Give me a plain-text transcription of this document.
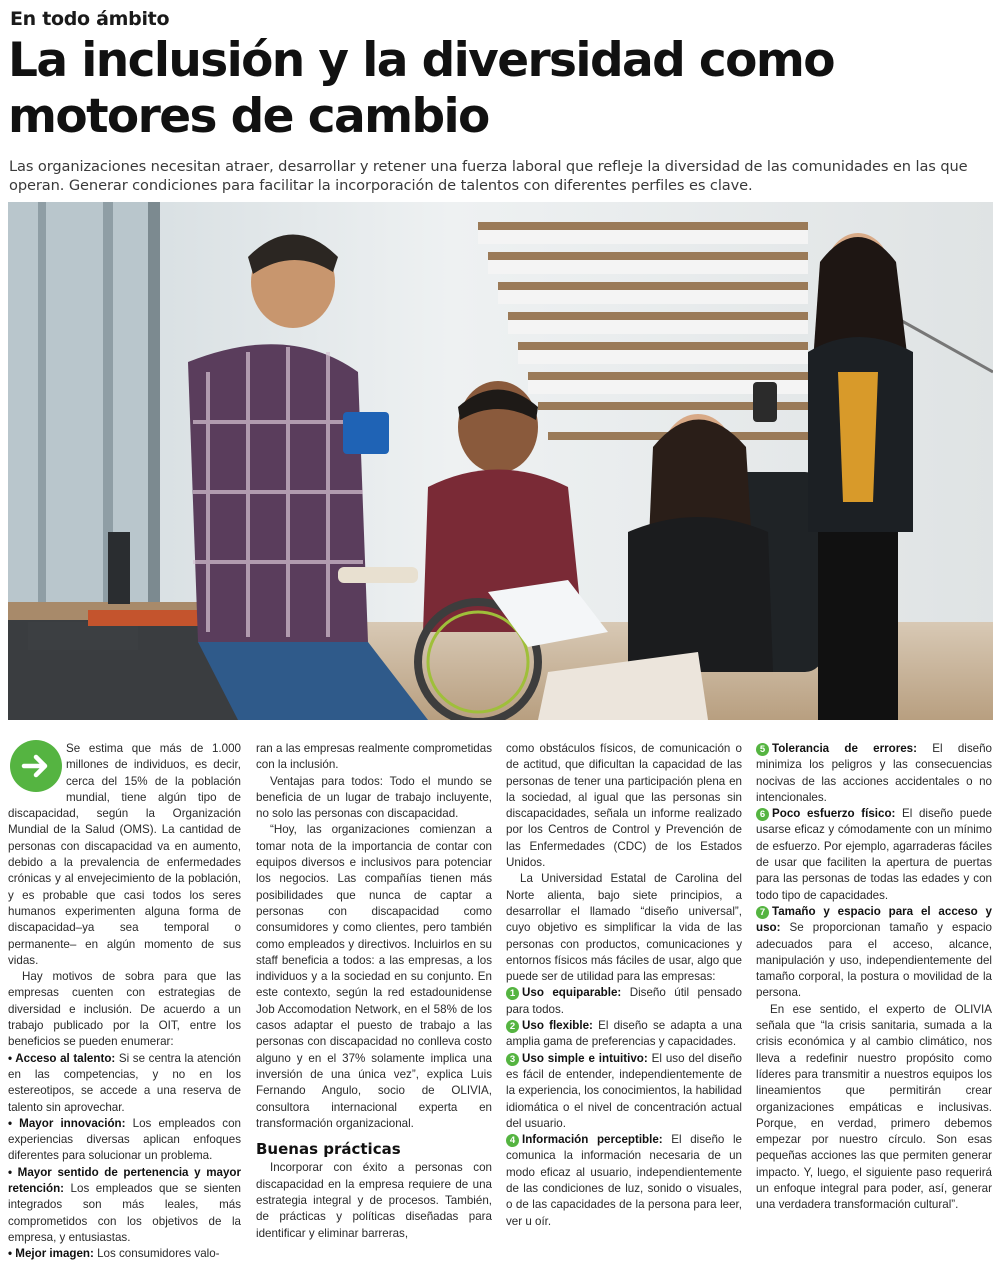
En todo ámbito
La inclusión y la diversidad como
motores de cambio
Las organizaciones necesitan atraer, desarrollar y retener una fuerza laboral que refleje la diversidad de las comunidades en las que operan. Generar condiciones para facilitar la incorporación de talentos con diferentes perfiles es clave.

Se estima que más de 1.000 millones de individuos, es decir, cerca del 15% de la población mundial, tiene algún tipo de discapacidad, según la Organización Mundial de la Salud (OMS). La cantidad de personas con discapacidad va en aumento, debido a la prevalencia de enfermedades crónicas y al envejecimiento de la población, y es probable que casi todos los seres humanos experimenten alguna forma de discapacidad–ya sea temporal o permanente– en algún momento de sus vidas.

Hay motivos de sobra para que las empresas cuenten con estrategias de diversidad e inclusión. De acuerdo a un trabajo publicado por la OIT, entre los beneficios se pueden enumerar:

• Acceso al talento: Si se centra la atención en las competencias, y no en los estereotipos, se accede a una reserva de talento sin aprovechar.

• Mayor innovación: Los empleados con experiencias diversas aplican enfoques diferentes para solucionar un problema.

• Mayor sentido de pertenencia y mayor retención: Los empleados que se sienten integrados son más leales, más comprometidos con los objetivos de la empresa, y entusiastas.

• Mejor imagen: Los consumidores valo-

ran a las empresas realmente comprometidas con la inclusión.

Ventajas para todos: Todo el mundo se beneficia de un lugar de trabajo incluyente, no solo las personas con discapacidad.

“Hoy, las organizaciones comienzan a tomar nota de la importancia de contar con equipos diversos e inclusivos para potenciar los negocios. Las compañías tienen más posibilidades que nunca de captar a personas con discapacidad como consumidores y como clientes, pero también como empleados y directivos. Incluirlos en su staff beneficia a todos: a las empresas, a los individuos y a la sociedad en su conjunto. En este contexto, según la red estadounidense Job Accomodation Network, en el 58% de los casos adaptar el puesto de trabajo a las personas con discapacidad no conlleva costo alguno y en el 37% solamente implica una inversión de una única vez”, explica Luis Fernando Angulo, socio de OLIVIA, consultora internacional experta en transformación organizacional.

Buenas prácticas

Incorporar con éxito a personas con discapacidad en la empresa requiere de una estrategia integral y de procesos. También, de prácticas y políticas diseñadas para identificar y eliminar barreras,

como obstáculos físicos, de comunicación o de actitud, que dificultan la capacidad de las personas de tener una participación plena en la sociedad, al igual que las personas sin discapacidades, señala un informe realizado por los Centros de Control y Prevención de las Enfermedades (CDC) de los Estados Unidos.

La Universidad Estatal de Carolina del Norte alienta, bajo siete principios, a desarrollar el llamado “diseño universal”, cuyo objetivo es simplificar la vida de las personas con productos, comunicaciones y entornos físicos más fáciles de usar, algo que puede ser de utilidad para las empresas:

1 Uso equiparable: Diseño útil pensado para todos.

2 Uso flexible: El diseño se adapta a una amplia gama de preferencias y capacidades.

3 Uso simple e intuitivo: El uso del diseño es fácil de entender, independientemente de la experiencia, los conocimientos, la habilidad idiomática o el nivel de concentración actual del usuario.

4 Información perceptible: El diseño le comunica la información necesaria de un modo eficaz al usuario, independientemente de las condiciones de luz, sonido o visuales, o de las capacidades de la persona para leer, ver u oír.

5 Tolerancia de errores: El diseño minimiza los peligros y las consecuencias nocivas de las acciones accidentales o no intencionales.

6 Poco esfuerzo físico: El diseño puede usarse eficaz y cómodamente con un mínimo de esfuerzo. Por ejemplo, agarraderas fáciles de usar que faciliten la apertura de puertas para las personas de todas las edades y con todo tipo de capacidades.

7 Tamaño y espacio para el acceso y uso: Se proporcionan tamaño y espacio adecuados para el acceso, alcance, manipulación y uso, independientemente del tamaño corporal, la postura o movilidad de la persona.

En ese sentido, el experto de OLIVIA señala que “la crisis sanitaria, sumada a la crisis económica y al cambio climático, nos lleva a redefinir nuestro propósito como líderes para transmitir a nuestros equipos los lineamientos que permitirán crear organizaciones empáticas e inclusivas. Porque, en verdad, primero debemos empezar por nuestro círculo. Son esas pequeñas acciones las que permiten generar impacto. Y, luego, el siguiente paso requerirá un enfoque integral para poder, así, generar una verdadera transformación cultural”.
